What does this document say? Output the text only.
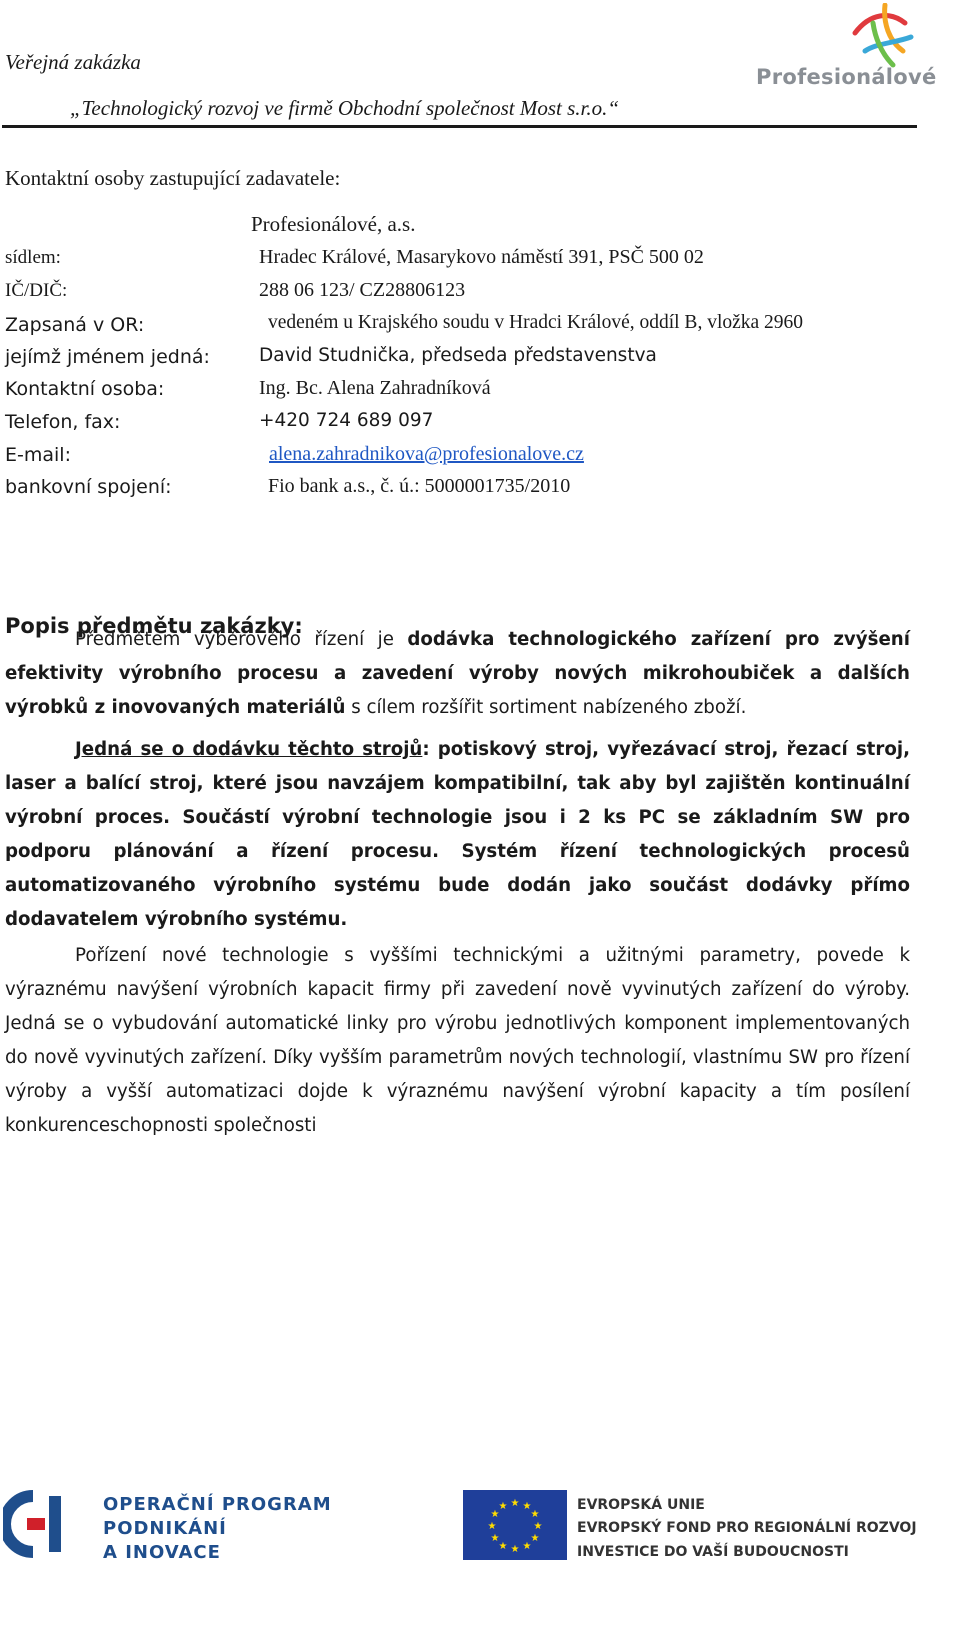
Veřejná zakázka
„Technologický rozvoj ve firmě Obchodní společnost Most s.r.o.“
Profesionálové
Kontaktní osoby zastupující zadavatele:
Profesionálové, a.s.
sídlem:	Hradec Králové, Masarykovo náměstí 391, PSČ 500 02
IČ/DIČ:	288 06 123/ CZ28806123
Zapsaná v OR:	vedeném u Krajského soudu v Hradci Králové, oddíl B, vložka 2960
jejímž jménem jedná:	David Studnička, předseda představenstva
Kontaktní osoba:	Ing. Bc. Alena Zahradníková
Telefon, fax:	+420 724 689 097
E-mail:	alena.zahradnikova@profesionalove.cz
bankovní spojení:	Fio bank a.s., č. ú.: 5000001735/2010
Popis předmětu zakázky:
Předmětem výběrového řízení je dodávka technologického zařízení pro zvýšení efektivity výrobního procesu a zavedení výroby nových mikrohoubiček a dalších výrobků z inovovaných materiálů s cílem rozšířit sortiment nabízeného zboží.
Jedná se o dodávku těchto strojů: potiskový stroj, vyřezávací stroj, řezací stroj, laser a balící stroj, které jsou navzájem kompatibilní, tak aby byl zajištěn kontinuální výrobní proces. Součástí výrobní technologie jsou i 2 ks PC se základním SW pro podporu plánování a řízení procesu. Systém řízení technologických procesů automatizovaného výrobního systému bude dodán jako součást dodávky přímo dodavatelem výrobního systému.
Pořízení nové technologie s vyššími technickými a užitnými parametry, povede k výraznému navýšení výrobních kapacit firmy při zavedení nově vyvinutých zařízení do výroby. Jedná se o vybudování automatické linky pro výrobu jednotlivých komponent implementovaných do nově vyvinutých zařízení. Díky vyšším parametrům nových technologií, vlastnímu SW pro řízení výroby a vyšší automatizaci dojde k výraznému navýšení výrobní kapacity a tím posílení konkurenceschopnosti společnosti
OPERAČNÍ PROGRAM
PODNIKÁNÍ
A INOVACE
★ ★
★
★
★
★
★
★
★
★
★
★	EVROPSKÁ UNIE
EVROPSKÝ FOND PRO REGIONÁLNÍ ROZVOJ
INVESTICE DO VAŠÍ BUDOUCNOSTI
